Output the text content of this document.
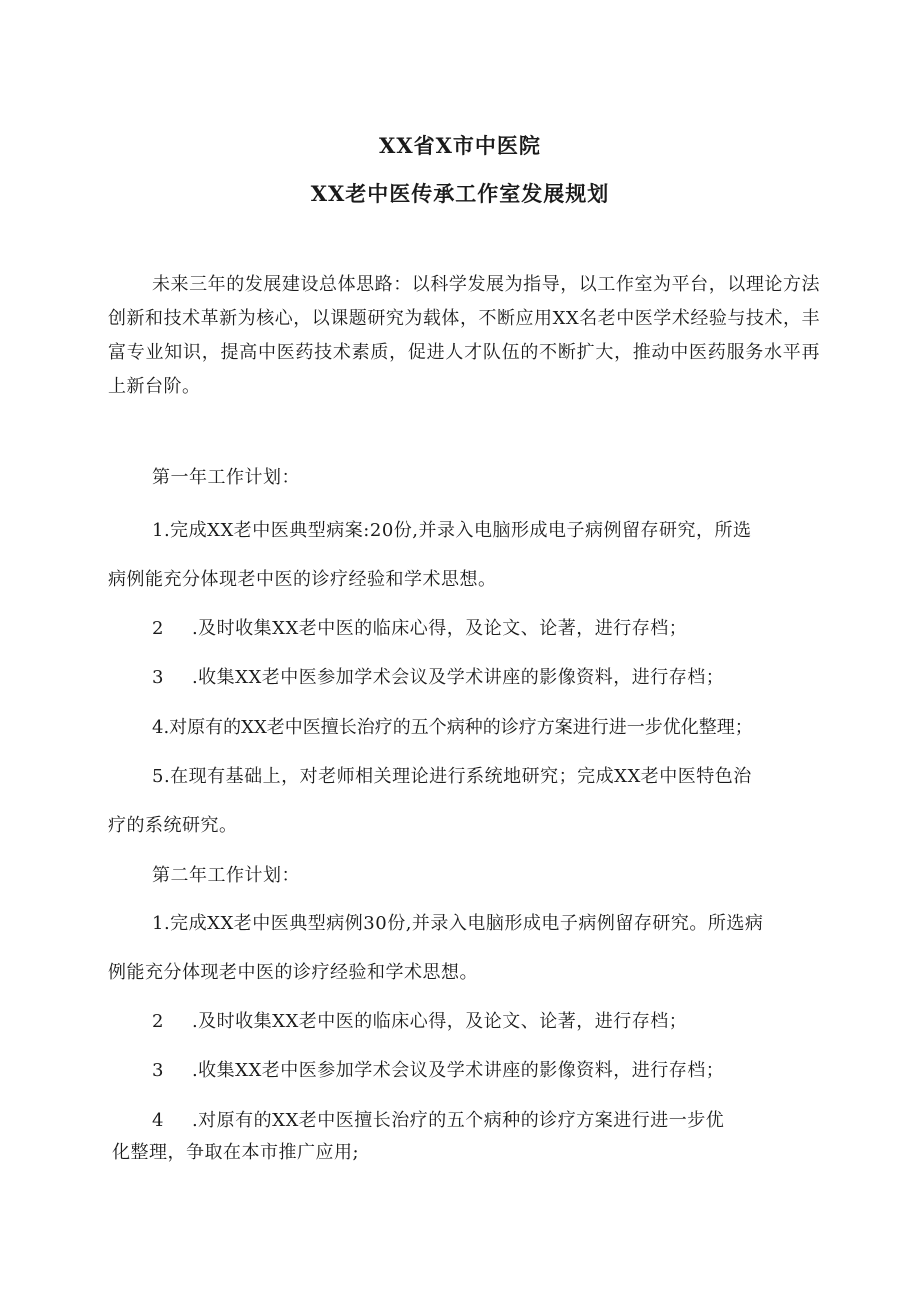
XX省X市中医院
XX老中医传承工作室发展规划
未来三年的发展建设总体思路：以科学发展为指导，以工作室为平台，以理论方法创新和技术革新为核心，以课题研究为载体，不断应用XX名老中医学术经验与技术，丰富专业知识，提高中医药技术素质，促进人才队伍的不断扩大，推动中医药服务水平再上新台阶。
第一年工作计划：
1.完成XX老中医典型病案:20份,并录入电脑形成电子病例留存研究，所选
病例能充分体现老中医的诊疗经验和学术思想。
2 .及时收集XX老中医的临床心得，及论文、论著，进行存档；
3 .收集XX老中医参加学术会议及学术讲座的影像资料，进行存档；
4.对原有的XX老中医擅长治疗的五个病种的诊疗方案进行进一步优化整理；
5.在现有基础上，对老师相关理论进行系统地研究；完成XX老中医特色治
疗的系统研究。
第二年工作计划：
1.完成XX老中医典型病例30份,并录入电脑形成电子病例留存研究。所选病
例能充分体现老中医的诊疗经验和学术思想。
2 .及时收集XX老中医的临床心得，及论文、论著，进行存档；
3 .收集XX老中医参加学术会议及学术讲座的影像资料，进行存档；
4 .对原有的XX老中医擅长治疗的五个病种的诊疗方案进行进一步优
化整理，争取在本市推广应用;
